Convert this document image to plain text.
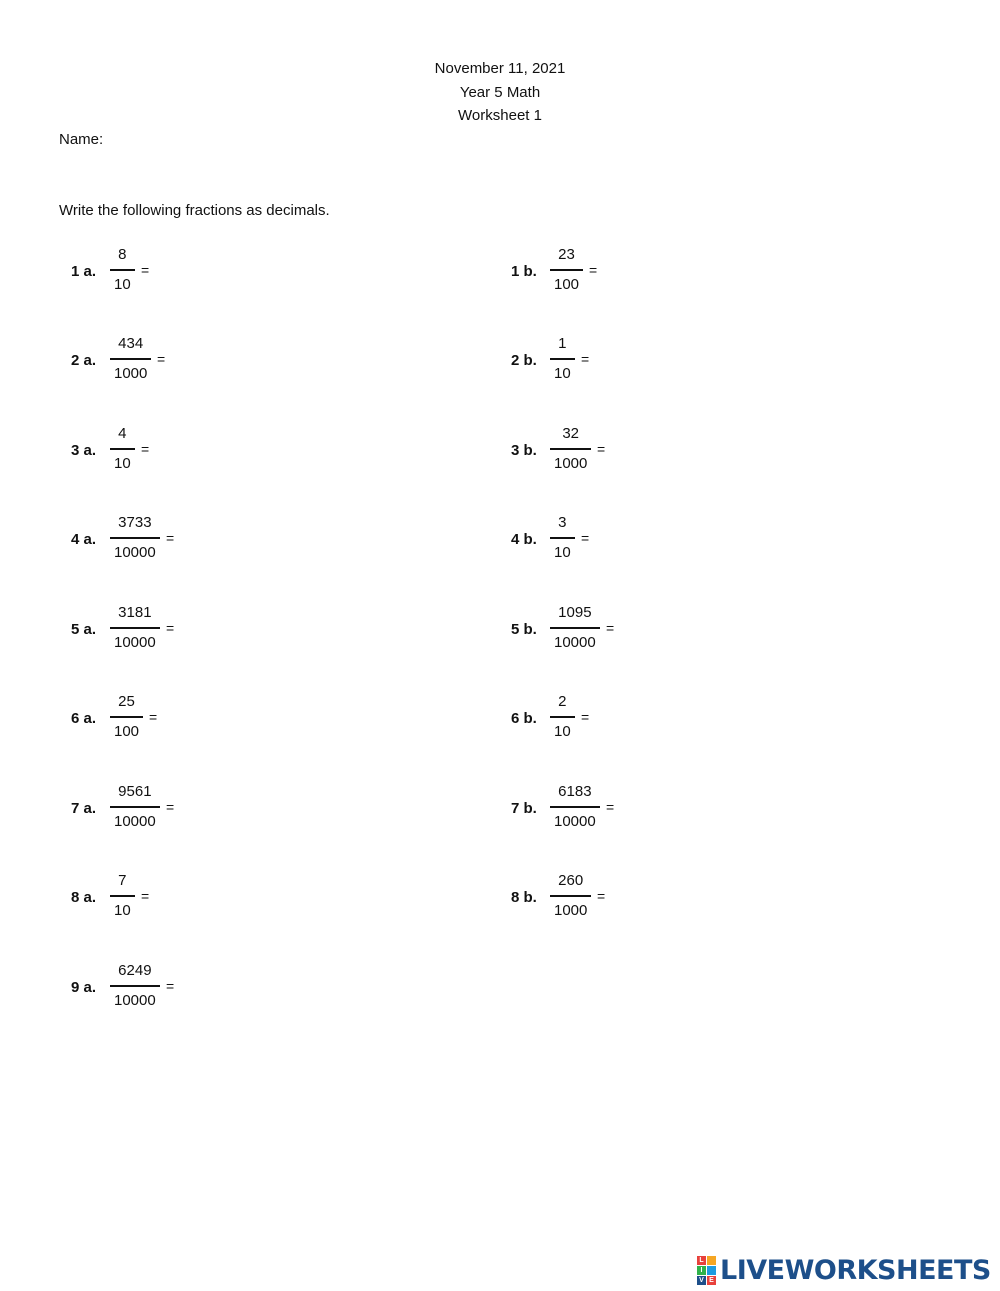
November 11, 2021
Year 5 Math
Worksheet 1
Name:
Write the following fractions as decimals.
1 a.
8
10
=	1 b.
23
100
=
2 a.
434
1000
=	2 b.
1
10
=
3 a.
4
10
=	3 b.
32
1000
=
4 a.
3733
10000
=	4 b.
3
10
=
5 a.
3181
10000
=	5 b.
1095
10000
=
6 a.
25
100
=	6 b.
2
10
=
7 a.
9561
10000
=	7 b.
6183
10000
=
8 a.
7
10
=	8 b.
260
1000
=
9 a.
6249
10000
=
L
I
V E LIVEWORKSHEETS
